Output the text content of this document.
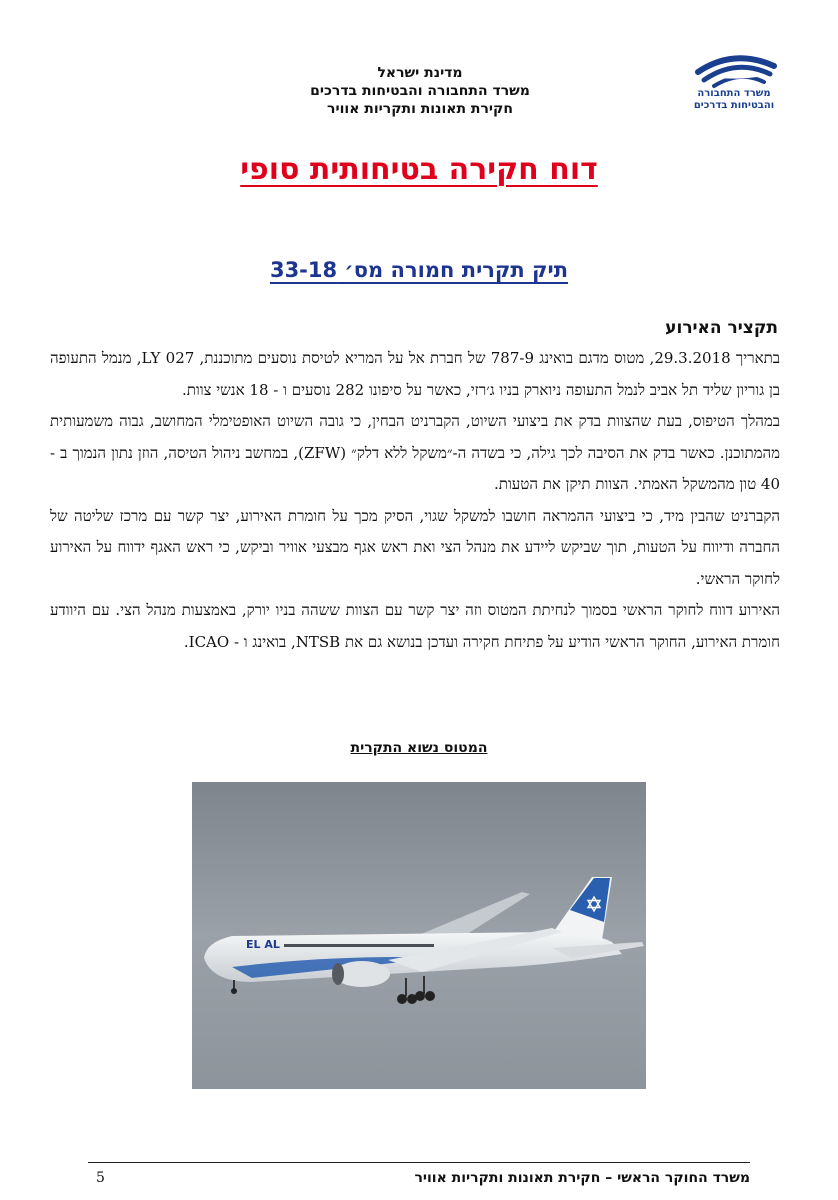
מדינת ישראל
משרד התחבורה והבטיחות בדרכים
חקירת תאונות ותקריות אוויר
משרד התחבורה
והבטיחות בדרכים
דוח חקירה בטיחותית סופי
תיק תקרית חמורה מס׳ 33-18
תקציר האירוע

בתאריך 29.3.2018, מטוס מדגם בואינג 787-9 של חברת אל על המריא לטיסת נוסעים מתוכננת, LY 027, מנמל התעופה בן גוריון שליד תל אביב לנמל התעופה ניוארק בניו ג׳רזי, כאשר על סיפונו 282 נוסעים ו - 18 אנשי צוות.

במהלך הטיפוס, בעת שהצוות בדק את ביצועי השיוט, הקברניט הבחין, כי גובה השיוט האופטימלי המחושב, גבוה משמעותית מהמתוכנן. כאשר בדק את הסיבה לכך גילה, כי בשדה ה-״משקל ללא דלק״ (ZFW), במחשב ניהול הטיסה, הוזן נתון הנמוך ב - 40 טון מהמשקל האמתי. הצוות תיקן את הטעות.

הקברניט שהבין מיד, כי ביצועי ההמראה חושבו למשקל שגוי, הסיק מכך על חומרת האירוע, יצר קשר עם מרכז שליטה של החברה ודיווח על הטעות, תוך שביקש ליידע את מנהל הצי ואת ראש אגף מבצעי אוויר וביקש, כי ראש האגף ידווח על האירוע לחוקר הראשי.

האירוע דווח לחוקר הראשי בסמוך לנחיתת המטוס וזה יצר קשר עם הצוות ששהה בניו יורק, באמצעות מנהל הצי. עם היוודע חומרת האירוע, החוקר הראשי הודיע על פתיחת חקירה ועדכן בנושא גם את NTSB, בואינג ו - ICAO.

המטוס נשוא התקרית
EL AL
משרד החוקר הראשי – חקירת תאונות ותקריות אוויר
5
